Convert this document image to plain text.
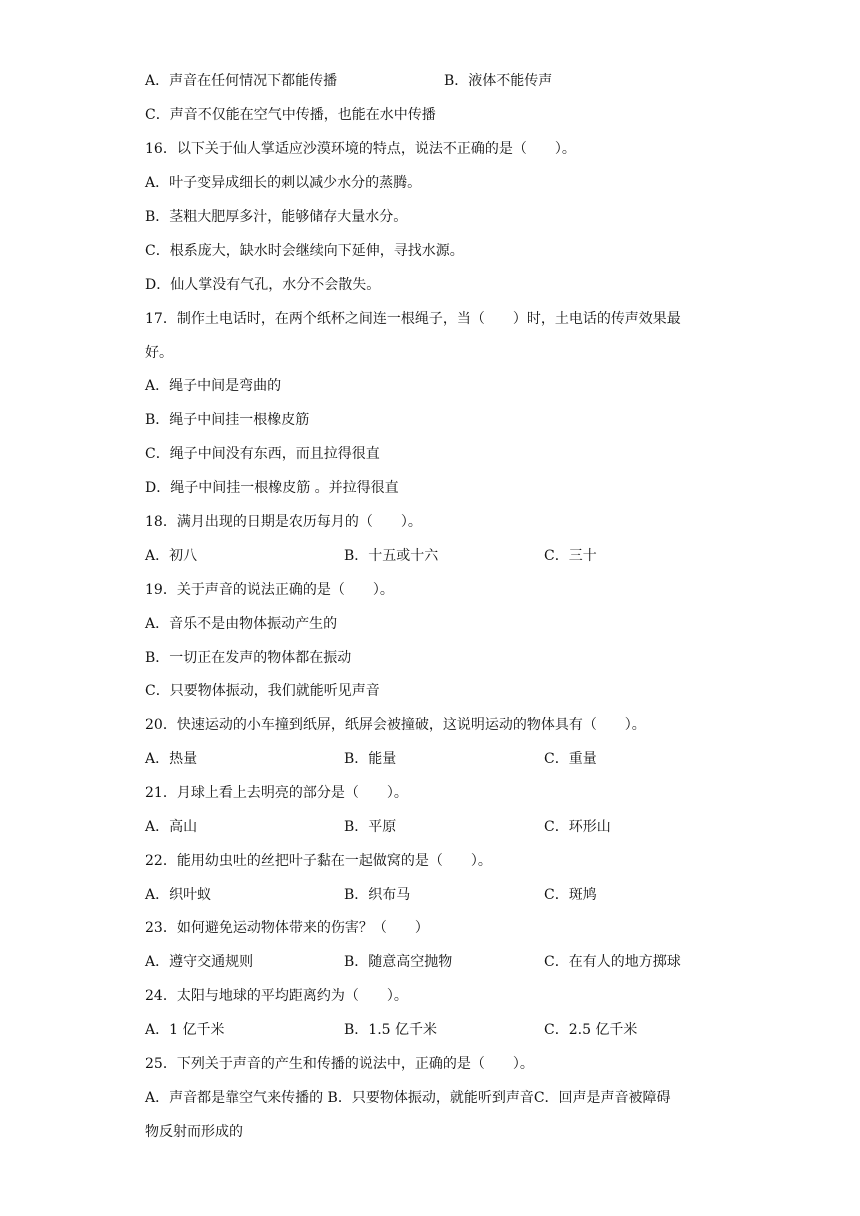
A．声音在任何情况下都能传播	B．液体不能传声
C．声音不仅能在空气中传播，也能在水中传播
16．以下关于仙人掌适应沙漠环境的特点，说法不正确的是（　　）。
A．叶子变异成细长的刺以减少水分的蒸腾。
B．茎粗大肥厚多汁，能够储存大量水分。
C．根系庞大，缺水时会继续向下延伸，寻找水源。
D．仙人掌没有气孔，水分不会散失。
17．制作土电话时，在两个纸杯之间连一根绳子，当（　　）时，土电话的传声效果最
好。
A．绳子中间是弯曲的
B．绳子中间挂一根橡皮筋
C．绳子中间没有东西，而且拉得很直
D．绳子中间挂一根橡皮筋 。并拉得很直
18．满月出现的日期是农历每月的（　　）。
A．初八	B．十五或十六	C．三十
19．关于声音的说法正确的是（　　）。
A．音乐不是由物体振动产生的
B．一切正在发声的物体都在振动
C．只要物体振动，我们就能听见声音
20．快速运动的小车撞到纸屏，纸屏会被撞破，这说明运动的物体具有（　　）。
A．热量	B．能量	C．重量
21．月球上看上去明亮的部分是（　　）。
A．高山	B．平原	C．环形山
22．能用幼虫吐的丝把叶子黏在一起做窝的是（　　）。
A．织叶蚁	B．织布马	C．斑鸠
23．如何避免运动物体带来的伤害？（　　）
A．遵守交通规则	B．随意高空抛物	C．在有人的地方掷球
24．太阳与地球的平均距离约为（　　）。
A．1 亿千米	B．1.5 亿千米	C．2.5 亿千米
25．下列关于声音的产生和传播的说法中，正确的是（　　）。
A．声音都是靠空气来传播的 B．只要物体振动，就能听到声音C．回声是声音被障碍
物反射而形成的
